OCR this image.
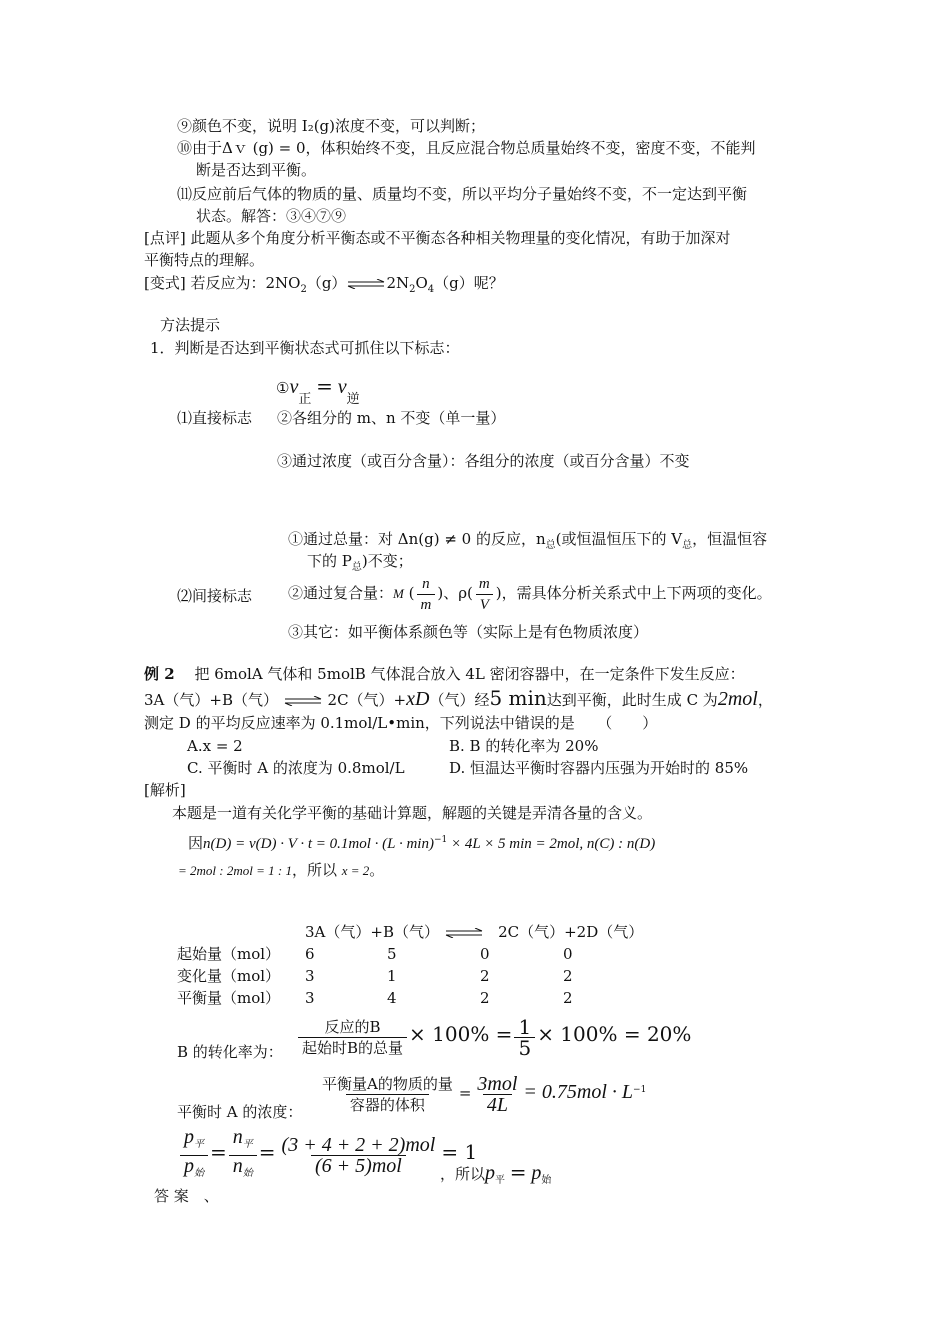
⑨颜色不变，说明 I₂(g)浓度不变，可以判断；
⑩由于Δｖ (g) = 0，体积始终不变，且反应混合物总质量始终不变，密度不变，不能判
断是否达到平衡。
⑾反应前后气体的物质的量、质量均不变，所以平均分子量始终不变，不一定达到平衡
状态。解答：③④⑦⑨
[点评] 此题从多个角度分析平衡态或不平衡态各种相关物理量的变化情况，有助于加深对
平衡特点的理解。
[变式] 若反应为：$2NO_2(g)\rightleftharpoons 2N_2O_4(g)$呢？
方法提示
1．判断是否达到平衡状态式可抓住以下标志：
$①v_正 = v_逆$
⑴直接标志 ②各组分的 m、n 不变（单一量）
③通过浓度（或百分含量）：各组分的浓度（或百分含量）不变
①通过总量：对 Δn(g) ≠ 0 的反应，$n_总$(或恒温恒压下的 $V_总$，恒温恒容
下的 $P_总$)不变；
⑵间接标志 ②通过复合量：M ( $\frac{n}{m}$ )、$\rho( \frac{m}{V}$ )，需具体分析关系式中上下两项的变化。
③其它：如平衡体系颜色等（实际上是有色物质浓度）
例 2　 把 6molA 气体和 5molB 气体混合放入 4L 密闭容器中，在一定条件下发生反应：
3A（气）+B（气） ⇌ 2C（气）+xD（气）经5 min达到平衡，此时生成 C 为2mol，
测定 D 的平均反应速率为 0.1mol/L•min，下列说法中错误的是　　（　　）
A.x = 2	B. B 的转化率为 20%
C. 平衡时 A 的浓度为 0.8mol/L	D. 恒温达平衡时容器内压强为开始时的 85%
[解析]
本题是一道有关化学平衡的基础计算题，解题的关键是弄清各量的含义。
因$n(D) = v(D) \cdot V \cdot t = 0.1mol \cdot (L \cdot \min)^{-1} \times 4L \times 5$ min = 2mol, n(C) : n(D)
= 2mol : 2mol = 1 : 1，所以 x = 2。
3A（气）+B（气） ⇌ 2C（气）+2D（气）
起始量（mol） 6	5	0	0
变化量（mol） 3	1	2	2
平衡量（mol） 3	4	2	2
B 的转化率为： $\frac{\text{反应的B}}{\text{起始时B的总量}} \times 100\% = \frac{1}{5} \times 100\% = 20\%$
平衡时 A 的浓度： $\frac{\text{平衡量A的物质的量}}{\text{容器的体积}} = \frac{\text{3mol}}{4L} = 0.75mol \cdot L^{-1}$
$\frac{p_平}{p_始} = \frac{n_平}{n_始} = \frac{\text{(3 + 4 + 2 + 2)mol}}{\text{(6 + 5)mol}} = 1$
，所以$p_平 = p_始$
答 案　、
